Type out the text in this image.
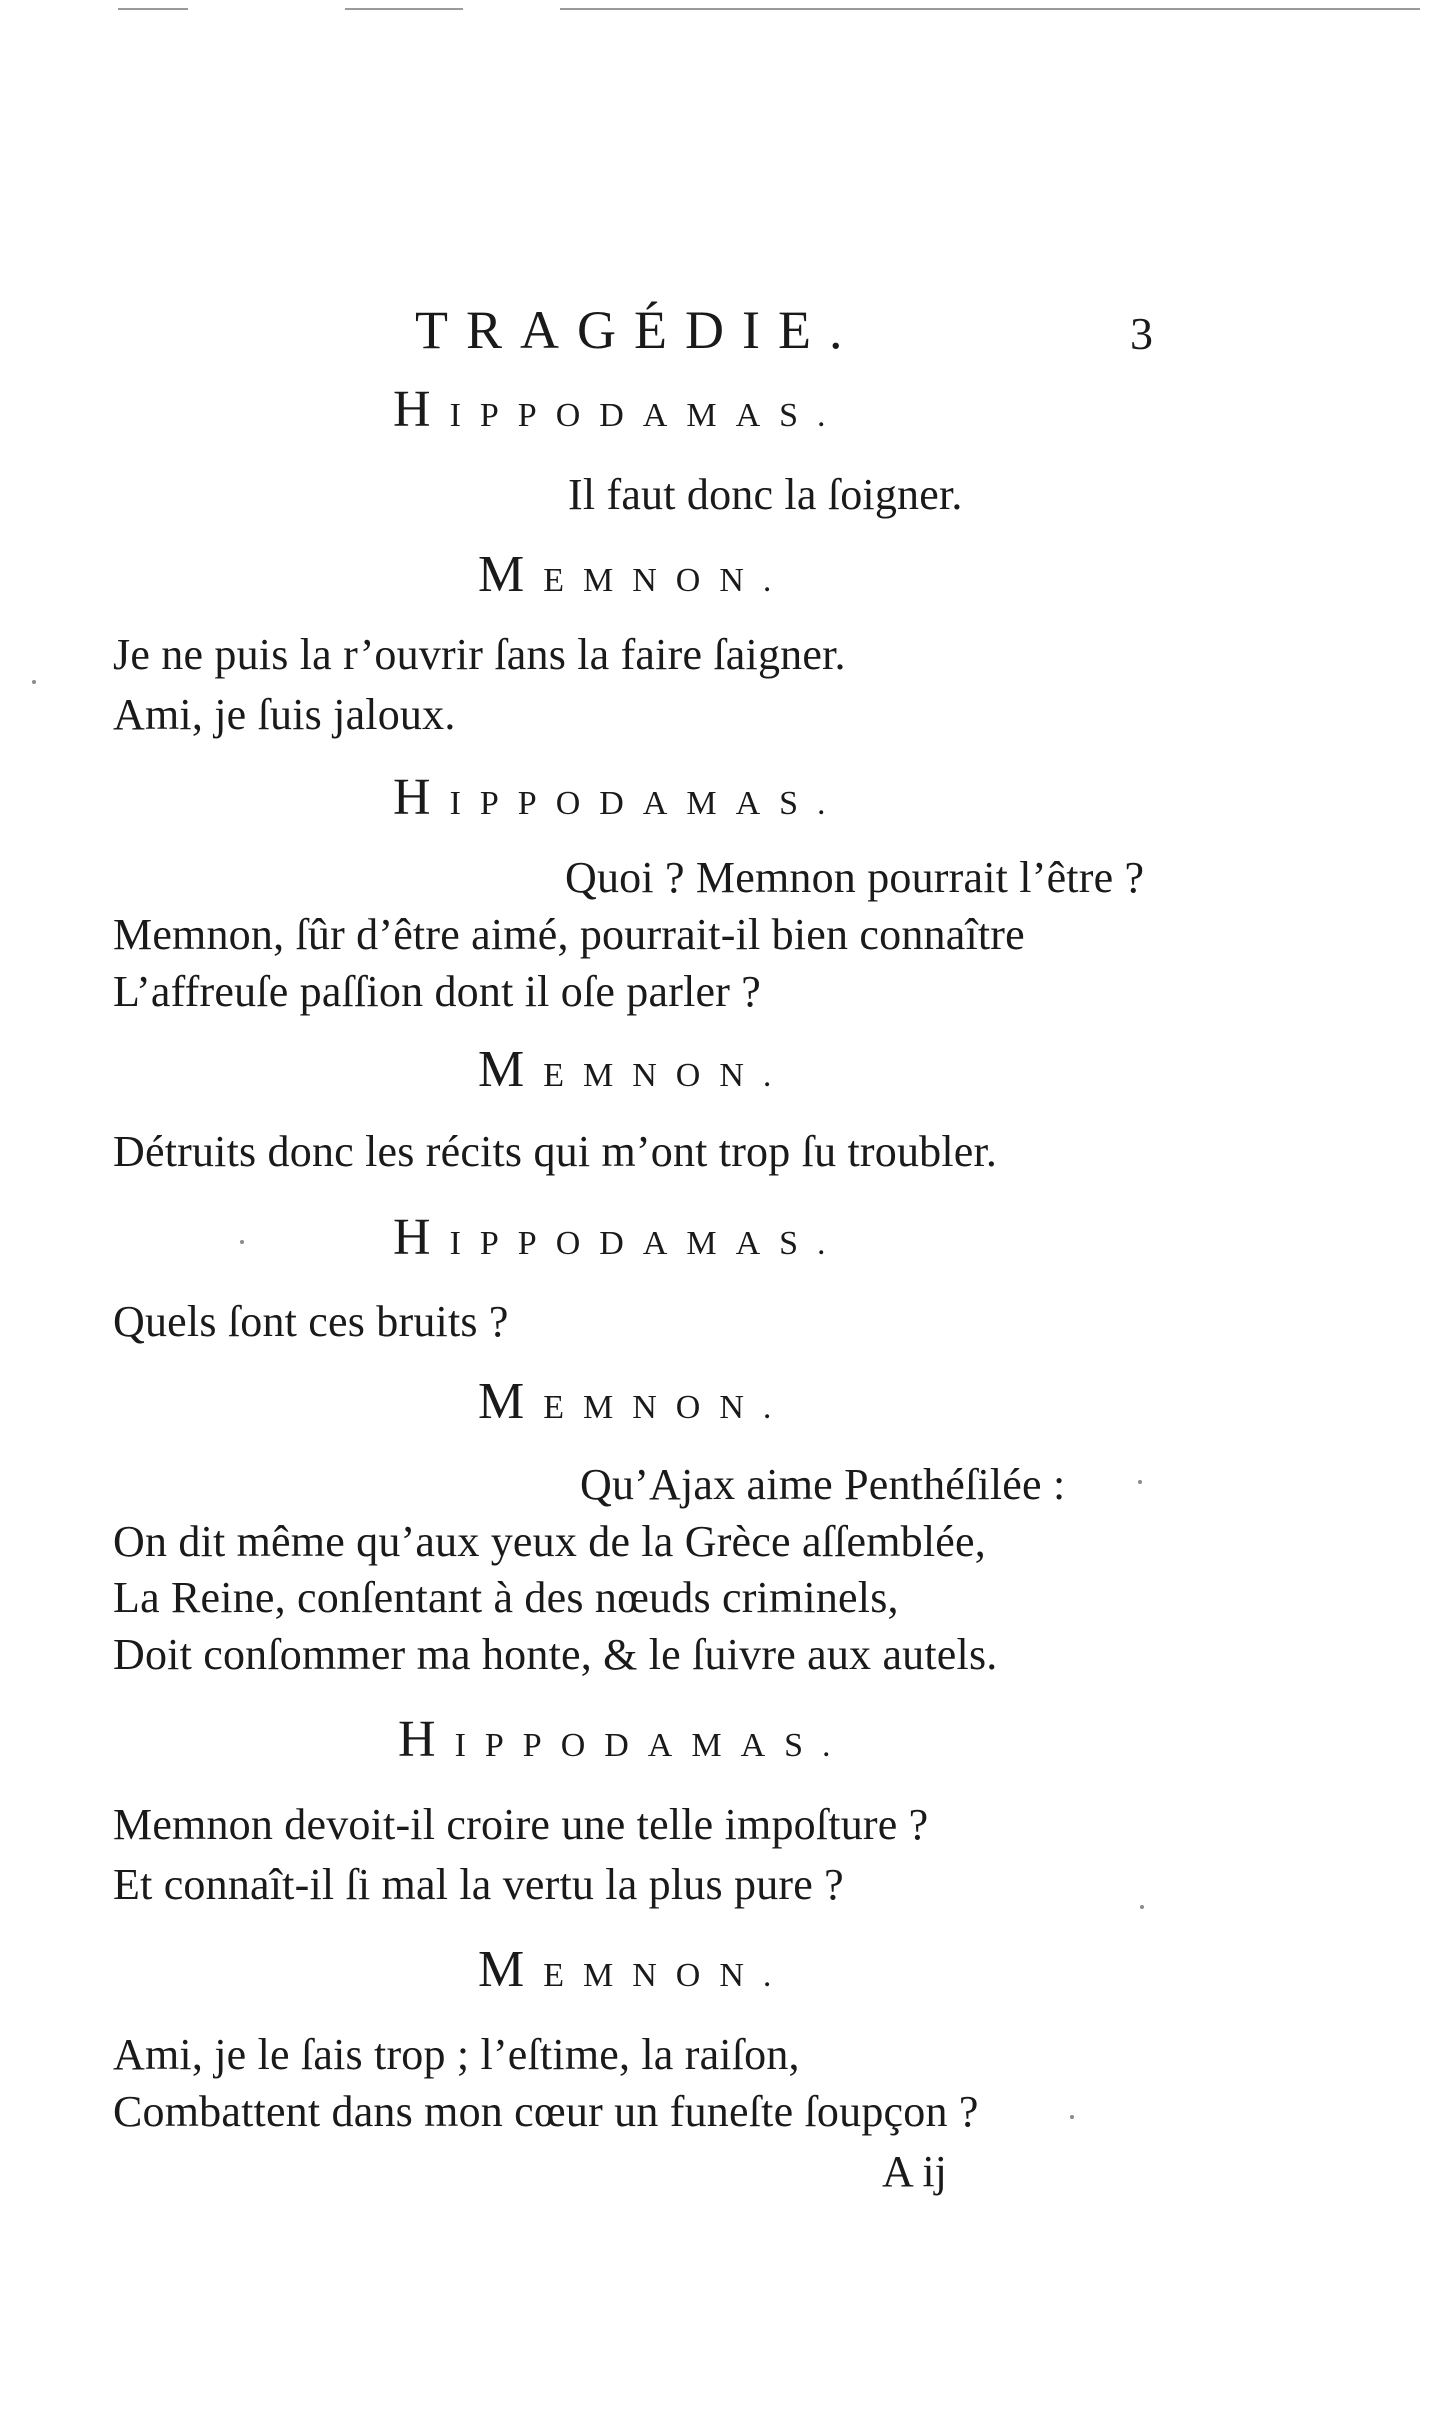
TRAGÉDIE.	3
HIPPODAMAS.
Il faut donc la ſoigner.
MEMNON.
Je ne puis la r’ouvrir ſans la faire ſaigner.
Ami, je ſuis jaloux.
HIPPODAMAS.
Quoi ? Memnon pourrait l’être ?
Memnon, ſûr d’être aimé, pourrait-il bien connaître
L’affreuſe paſſion dont il oſe parler ?
MEMNON.
Détruits donc les récits qui m’ont trop ſu troubler.
HIPPODAMAS.
Quels ſont ces bruits ?
MEMNON.
Qu’Ajax aime Penthéſilée :
On dit même qu’aux yeux de la Grèce aſſemblée,
La Reine, conſentant à des nœuds criminels,
Doit conſommer ma honte, & le ſuivre aux autels.
HIPPODAMAS.
Memnon devoit-il croire une telle impoſture ?
Et connaît-il ſi mal la vertu la plus pure ?
MEMNON.
Ami, je le ſais trop ; l’eſtime, la raiſon,
Combattent dans mon cœur un funeſte ſoupçon ?
A ij
